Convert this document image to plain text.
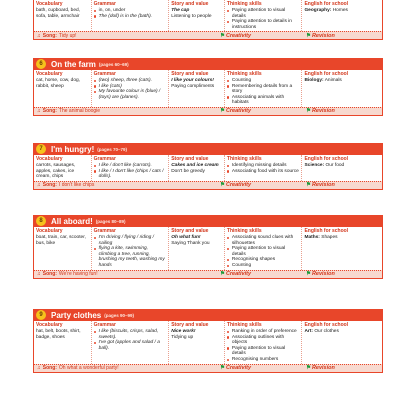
Vocabulary
bath, cupboard, bed, sofa, table, armchair
Grammar
in, on, under
The (doll) is in the (bath).
Story and value
The cap
Listening to people
Thinking skills
Paying attention to visual details
Paying attention to details in instructions
English for school
Geography: Homes
♫ Song: Tidy up!	⚑ Creativity	⚑ Revision
6	On the farm (pages 60–69)
Vocabulary
cat, horse, cow, dog, rabbit, sheep
Grammar
(two) sheep, three (cats).
I like (cats)
My favourite colour is (blue) / (toys) are (planes).
Story and value
I like your colours!
Paying compliments
Thinking skills
Counting
Remembering details from a story
Associating animals with habitats
English for school
Biology: Animals
♫ Song: The animal boogie	⚑ Creativity	⚑ Revision
7	I'm hungry! (pages 70–79)
Vocabulary
carrots, sausages, apples, cakes, ice cream, chips
Grammar
I like / don't like (carrots).
I like / I don't like (chips / cats / dolls).
Story and value
Cakes and ice cream
Don't be greedy
Thinking skills
Identifying missing details
Associating food with its source
English for school
Science: Our food
♫ Song: I don't like chips	⚑ Creativity	⚑ Revision
8	All aboard! (pages 80–89)
Vocabulary
boat, train, car, scooter, bus, bike
Grammar
I'm driving / flying / riding / sailing
flying a kite, swimming, climbing a tree, running, brushing my teeth, washing my hands
Story and value
Oh what fun!
Saying Thank you
Thinking skills
Associating sound clues with silhouettes
Paying attention to visual details
Recognising shapes
Counting
English for school
Maths: Shapes
♫ Song: We're having fun!	⚑ Creativity	⚑ Revision
9	Party clothes (pages 90–99)
Vocabulary
hat, belt, boots, shirt, badge, shoes
Grammar
I like (biscuits, crisps, salad, sweets).
I've got (apples and salad / a ball).
Story and value
Nice work!
Tidying up
Thinking skills
Ranking in order of preference
Associating outlines with objects
Paying attention to visual details
Recognising numbers
English for school
Art: Our clothes
♫ Song: Oh what a wonderful party!	⚑ Creativity	⚑ Revision
